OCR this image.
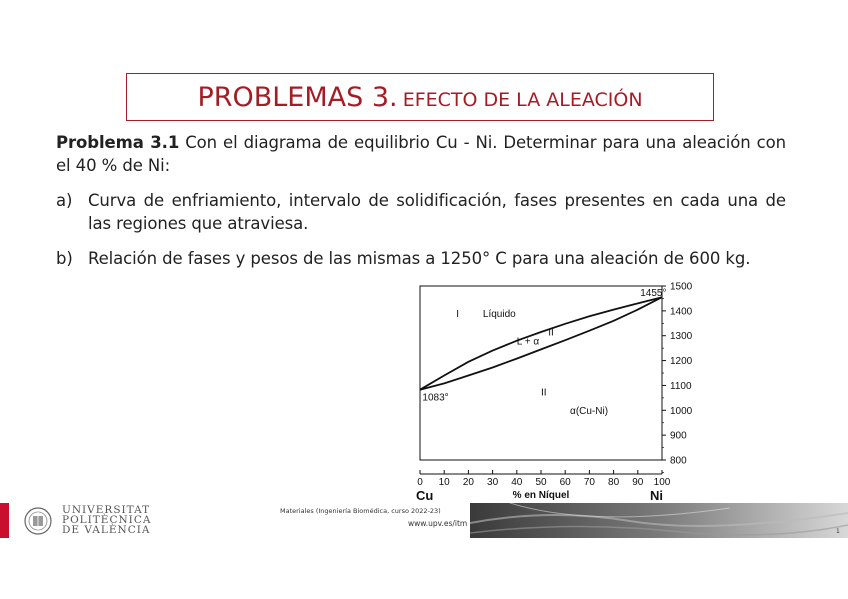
PROBLEMAS 3. EFECTO DE LA ALEACIÓN
Problema 3.1 Con el diagrama de equilibrio Cu - Ni. Determinar para una aleación con el 40 % de Ni:
a) Curva de enfriamiento, intervalo de solidificación, fases presentes en cada una de las regiones que atraviesa.
b) Relación de fases y pesos de las mismas a 1250° C para una aleación de 600 kg.
0 10 20 30 40 50 60 70 80 90 100
800
900
1000
1100
1200
1300
1400
1500
1455°
1083°
I Líquido
L + α
II
II
α(Cu-Ni)
% en Níquel
Cu	Ni
UNIVERSITAT
POLITÈCNICA
DE VALÈNCIA
Materiales (Ingeniería Biomédica, curso 2022-23)
www.upv.es/itm
1
